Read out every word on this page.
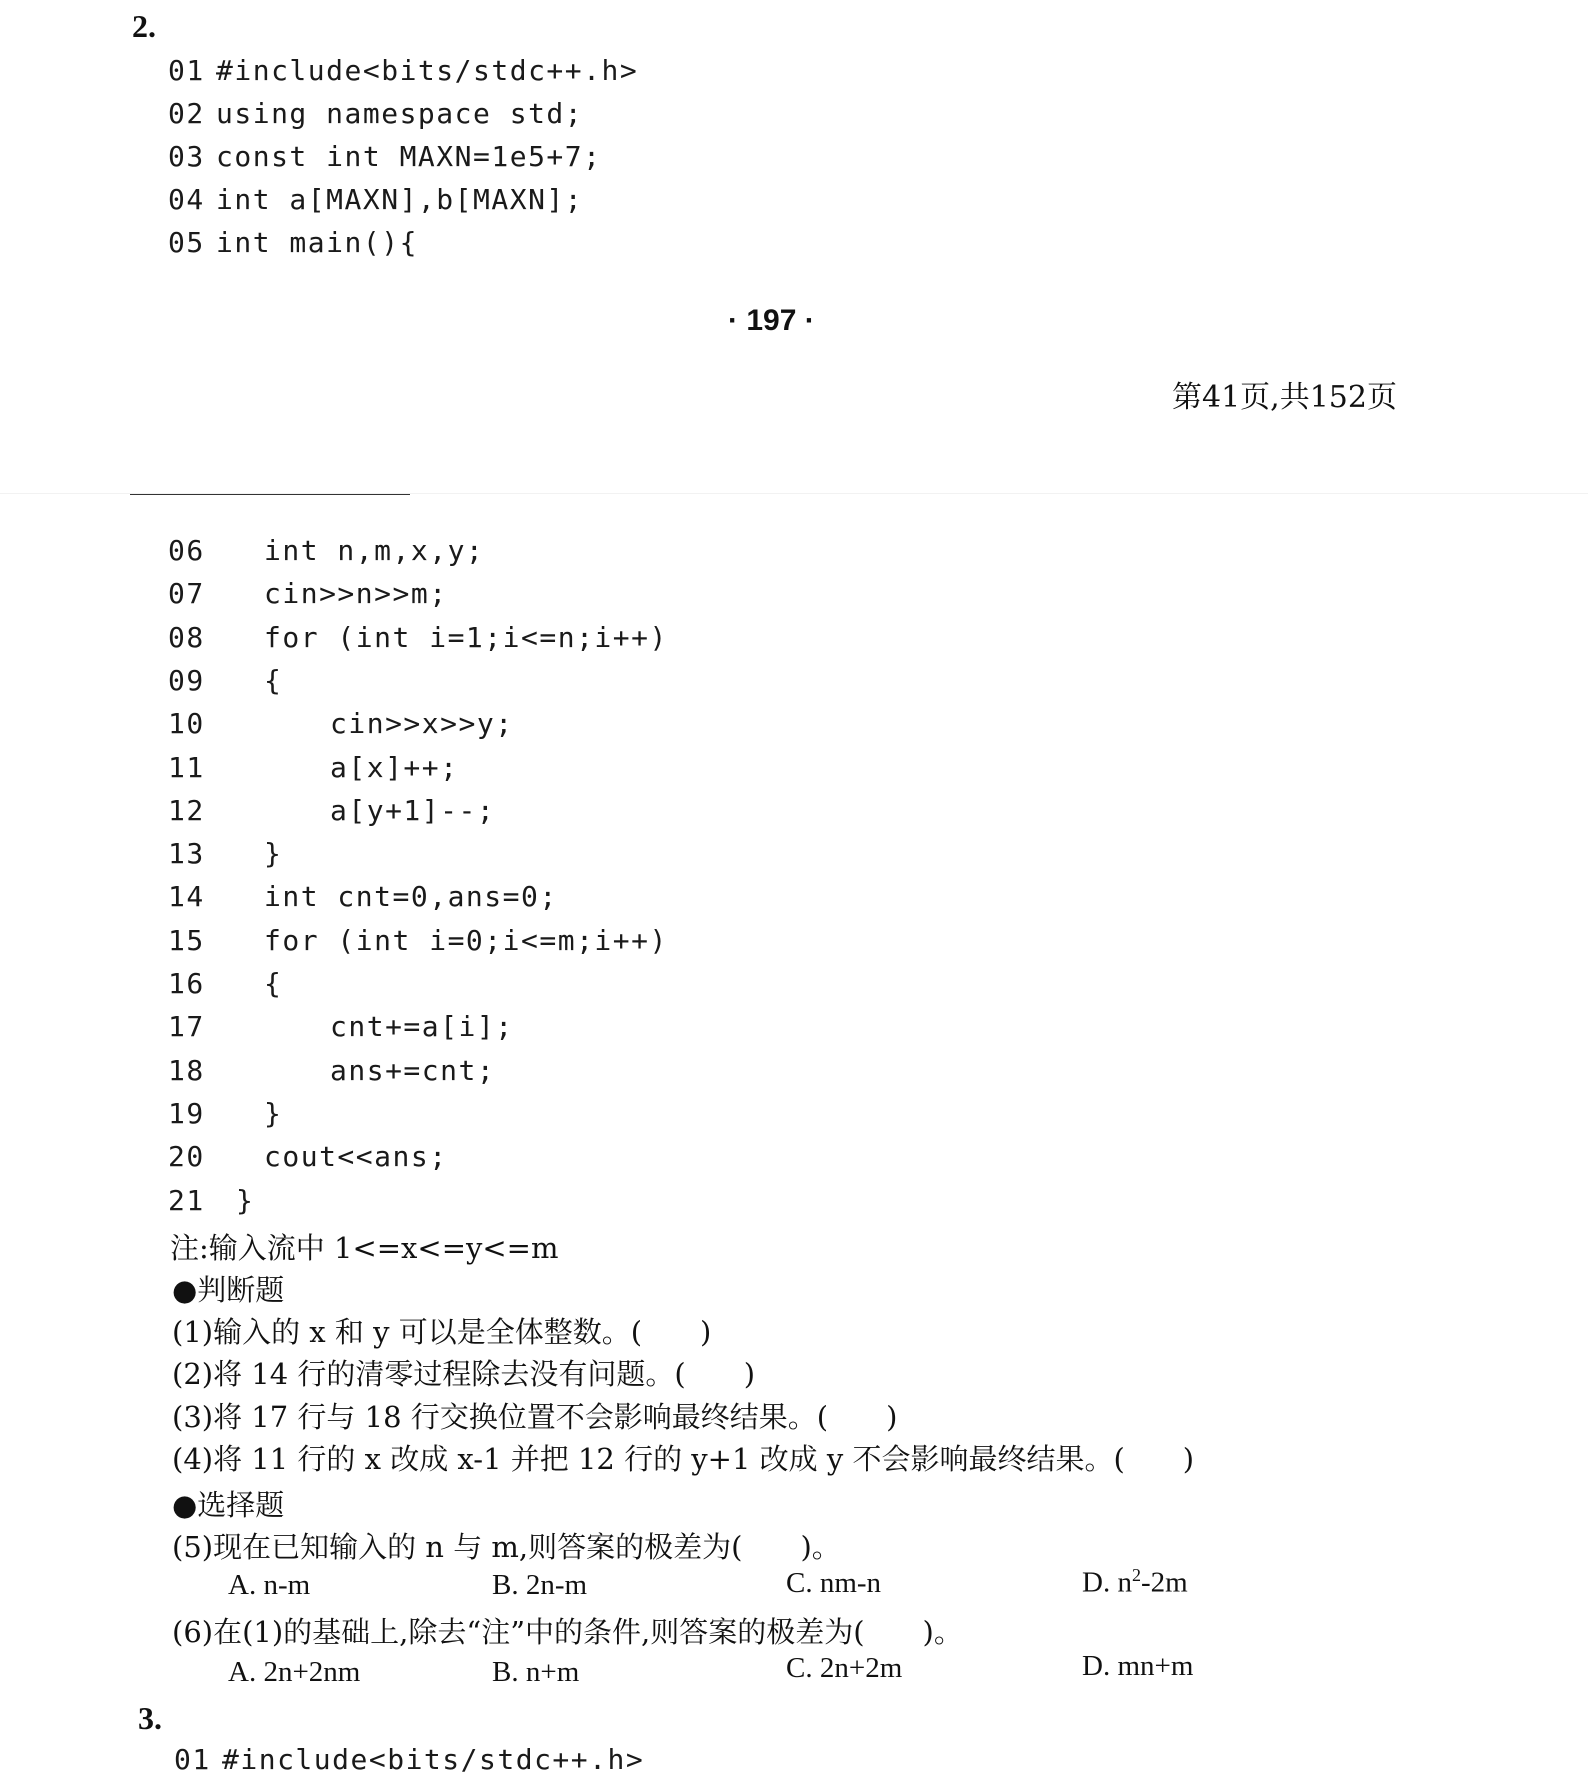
2.
01 #include<bits/stdc++.h>
02 using namespace std;
03 const int MAXN=1e5+7;
04 int a[MAXN],b[MAXN];
05 int main(){
· 197 ·
第41页,共152页
06 int n,m,x,y;
07 cin>>n>>m;
08 for (int i=1;i<=n;i++)
09 {
10	cin>>x>>y;
11	a[x]++;
12	a[y+1]--;
13 }
14 int cnt=0,ans=0;
15 for (int i=0;i<=m;i++)
16 {
17	cnt+=a[i];
18	ans+=cnt;
19 }
20 cout<<ans;
21 }
注:输入流中 1<=x<=y<=m
●判断题
(1)输入的 x 和 y 可以是全体整数。(　　)
(2)将 14 行的清零过程除去没有问题。(　　)
(3)将 17 行与 18 行交换位置不会影响最终结果。(　　)
(4)将 11 行的 x 改成 x-1 并把 12 行的 y+1 改成 y 不会影响最终结果。(　　)
●选择题
(5)现在已知输入的 n 与 m,则答案的极差为(　　)。
A. n-m	B. 2n-m	C. nm-n	D. $n^2-2m$
(6)在(1)的基础上,除去“注”中的条件,则答案的极差为(　　)。
A. 2n+2nm	B. n+m	C. 2n+2m	D. mn+m
3.
01 #include<bits/stdc++.h>
